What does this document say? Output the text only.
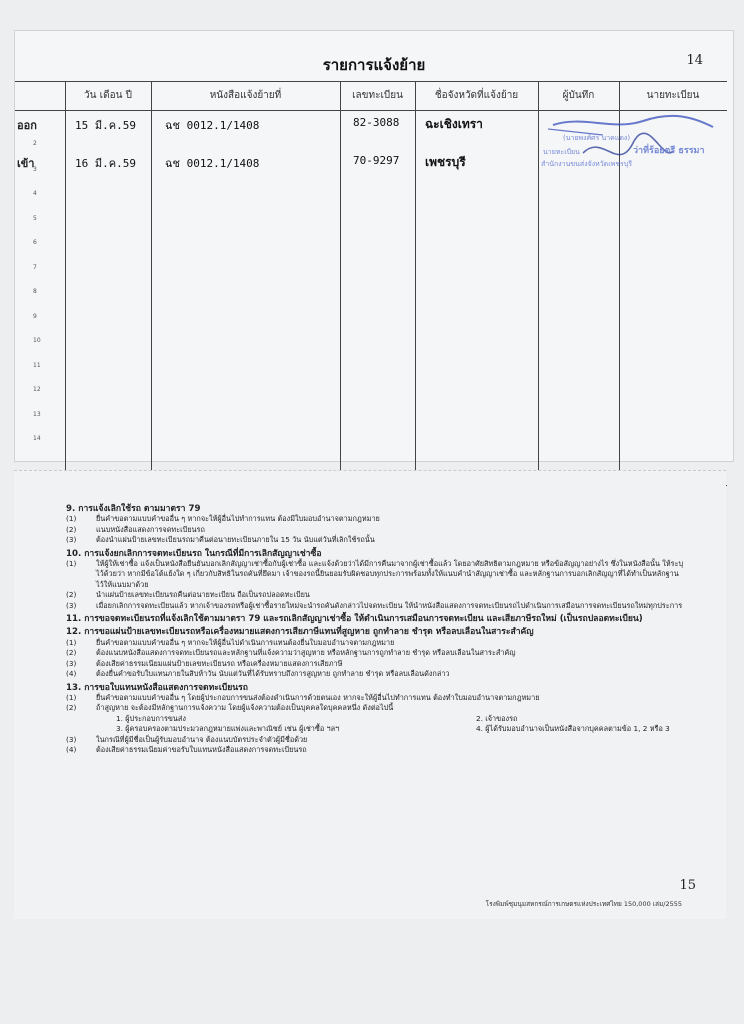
รายการแจ้งย้าย	14
วัน เดือน ปี	หนังสือแจ้งย้ายที่	เลขทะเบียน	ชื่อจังหวัดที่แจ้งย้าย	ผู้บันทึก	นายทะเบียน
ออก	15 มี.ค.59	ฉช 0012.1/1408	82-3088 ฉะเชิงเทรา
เข้า	16 มี.ค.59	ฉช 0012.1/1408	70-9297 เพชรบุรี
2
3
4
5
6
7
8
9
10
11
12
13
14
(นายพงศ์ศร นาคแดง)
นายทะเบียน	ว่าที่ร้อยตรี ธรรมา
สำนักงานขนส่งจังหวัดเพชรบุรี
9. การแจ้งเลิกใช้รถ ตามมาตรา 79
(1)	ยื่นคำขอตามแบบคำขออื่น ๆ หากจะให้ผู้อื่นไปทำการแทน ต้องมีใบมอบอำนาจตามกฎหมาย
(2)	แนบหนังสือแสดงการจดทะเบียนรถ
(3)	ต้องนำแผ่นป้ายเลขทะเบียนรถมาคืนต่อนายทะเบียนภายใน 15 วัน นับแต่วันที่เลิกใช้รถนั้น
10. การแจ้งยกเลิกการจดทะเบียนรถ ในกรณีที่มีการเลิกสัญญาเช่าซื้อ
(1)	ให้ผู้ให้เช่าซื้อ แจ้งเป็นหนังสือยืนยันบอกเลิกสัญญาเช่าซื้อกับผู้เช่าซื้อ และแจ้งด้วยว่าได้มีการคืนมาจากผู้เช่าซื้อแล้ว โดยอาศัยสิทธิตามกฎหมาย หรือข้อสัญญาอย่างไร ซึ่งในหนังสือนั้น ให้ระบุไว้ด้วยว่า หากมีข้อโต้แย้งใด ๆ เกี่ยวกับสิทธิในรถคันที่ยึดมา เจ้าของรถนี้ยินยอมรับผิดชอบทุกประการพร้อมทั้งให้แนบคำนำสัญญาเช่าซื้อ และหลักฐานการบอกเลิกสัญญาที่ได้ทำเป็นหลักฐานไว้ให้แนบมาด้วย
(2)	นำแผ่นป้ายเลขทะเบียนรถคืนต่อนายทะเบียน ถือเป็นรถปลอดทะเบียน
(3)	เมื่อยกเลิกการจดทะเบียนแล้ว หากเจ้าของรถหรือผู้เช่าซื้อรายใหม่จะนำรถคันดังกล่าวไปจดทะเบียน ให้นำหนังสือแสดงการจดทะเบียนรถไปดำเนินการเสมือนการจดทะเบียนรถใหม่ทุกประการ
11. การขอจดทะเบียนรถที่แจ้งเลิกใช้ตามมาตรา 79 และรถเลิกสัญญาเช่าซื้อ ให้ดำเนินการเสมือนการจดทะเบียน และเสียภาษีรถใหม่ (เป็นรถปลอดทะเบียน)
12. การขอแผ่นป้ายเลขทะเบียนรถหรือเครื่องหมายแสดงการเสียภาษีแทนที่สูญหาย ถูกทำลาย ชำรุด หรือลบเลือนในสาระสำคัญ
(1)	ยื่นคำขอตามแบบคำขออื่น ๆ หากจะให้ผู้อื่นไปดำเนินการแทนต้องยื่นใบมอบอำนาจตามกฎหมาย
(2)	ต้องแนบหนังสือแสดงการจดทะเบียนรถและหลักฐานที่แจ้งความว่าสูญหาย หรือหลักฐานการถูกทำลาย ชำรุด หรือลบเลือนในสาระสำคัญ
(3)	ต้องเสียค่าธรรมเนียมแผ่นป้ายเลขทะเบียนรถ หรือเครื่องหมายแสดงการเสียภาษี
(4)	ต้องยื่นคำขอรับใบแทนภายในสิบห้าวัน นับแต่วันที่ได้รับทราบถึงการสูญหาย ถูกทำลาย ชำรุด หรือลบเลือนดังกล่าว
13. การขอใบแทนหนังสือแสดงการจดทะเบียนรถ
(1)	ยื่นคำขอตามแบบคำขออื่น ๆ โดยผู้ประกอบการขนส่งต้องดำเนินการด้วยตนเอง หากจะให้ผู้อื่นไปทำการแทน ต้องทำใบมอบอำนาจตามกฎหมาย
(2)	ถ้าสูญหาย จะต้องมีหลักฐานการแจ้งความ โดยผู้แจ้งความต้องเป็นบุคคลใดบุคคลหนึ่ง ดังต่อไปนี้
1. ผู้ประกอบการขนส่ง	2. เจ้าของรถ
3. ผู้ครอบครองตามประมวลกฎหมายแพ่งและพาณิชย์ เช่น ผู้เช่าซื้อ ฯลฯ	4. ผู้ได้รับมอบอำนาจเป็นหนังสือจากบุคคลตามข้อ 1, 2 หรือ 3
(3)	ในกรณีที่ผู้มีชื่อเป็นผู้รับมอบอำนาจ ต้องแนบบัตรประจำตัวผู้มีชื่อด้วย
(4)	ต้องเสียค่าธรรมเนียมค่าขอรับใบแทนหนังสือแสดงการจดทะเบียนรถ
15
โรงพิมพ์ชุมนุมสหกรณ์การเกษตรแห่งประเทศไทย 150,000 เล่ม/2555
